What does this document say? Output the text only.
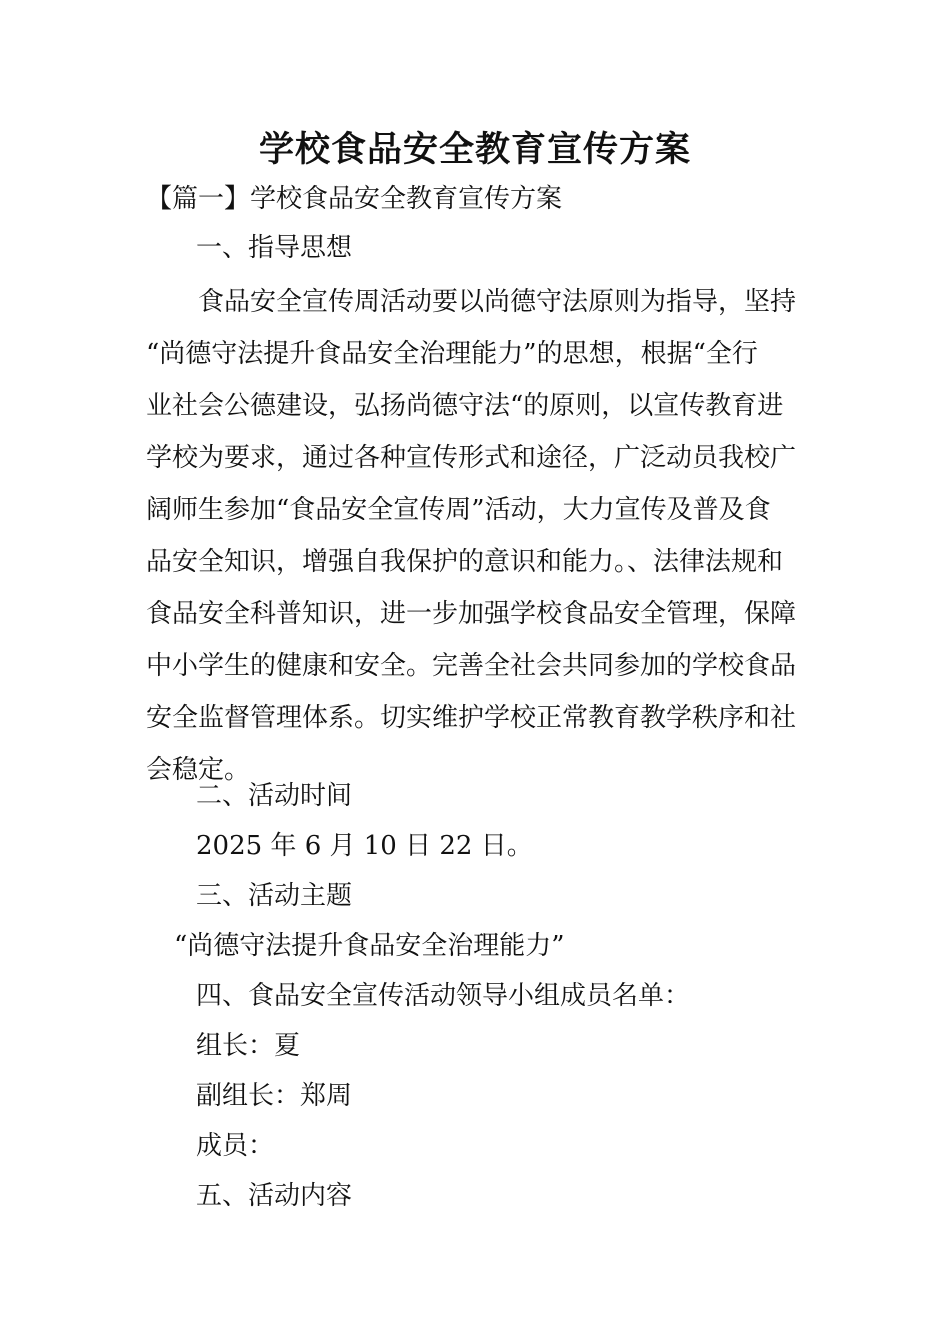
学校食品安全教育宣传方案

【篇一】学校食品安全教育宣传方案

一、指导思想

食品安全宣传周活动要以尚德守法原则为指导，坚持
“尚德守法提升食品安全治理能力”的思想，根据“全行
业社会公德建设，弘扬尚德守法“的原则，以宣传教育进
学校为要求，通过各种宣传形式和途径，广泛动员我校广
阔师生参加“食品安全宣传周”活动，大力宣传及普及食
品安全知识，增强自我保护的意识和能力。、法律法规和
食品安全科普知识，进一步加强学校食品安全管理，保障
中小学生的健康和安全。完善全社会共同参加的学校食品
安全监督管理体系。切实维护学校正常教育教学秩序和社
会稳定。

二、活动时间

2025 年 6 月 10 日 22 日。

三、活动主题

“尚德守法提升食品安全治理能力”

四、食品安全宣传活动领导小组成员名单：

组长：夏

副组长：郑周

成员：

五、活动内容
